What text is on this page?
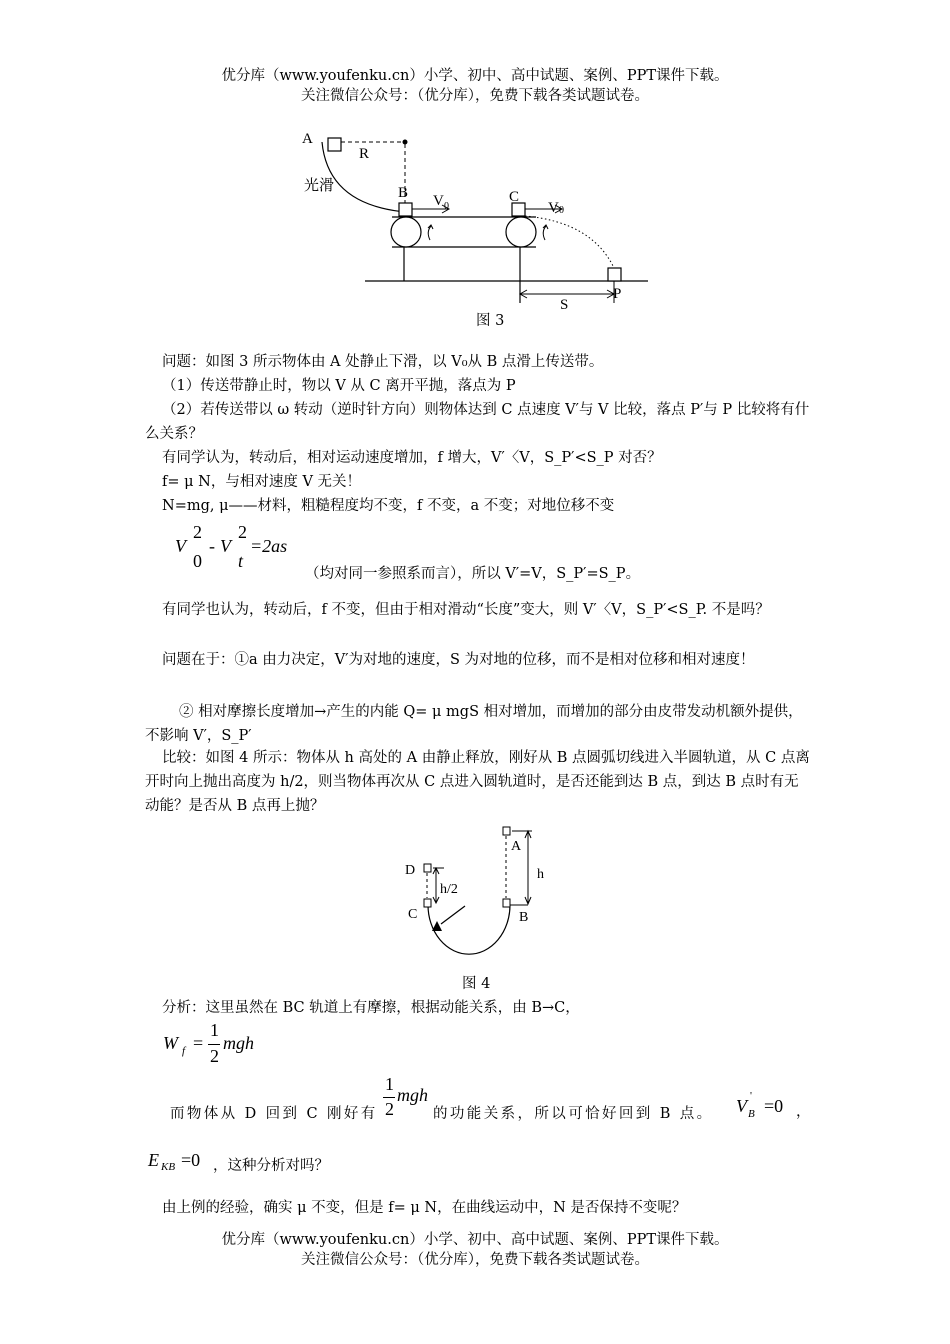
优分库（www.youfenku.cn）小学、初中、高中试题、案例、PPT课件下载。
关注微信公众号：（优分库），免费下载各类试题试卷。
A
R
光滑	B	C
V 0	V 0
P
S
图 3
问题：如图 3 所示物体由 A 处静止下滑，以 V₀从 B 点滑上传送带。
（1）传送带静止时，物以 V 从 C 离开平抛，落点为 P
（2）若传送带以 ω 转动（逆时针方向）则物体达到 C 点速度 V′与 V 比较，落点 P′与 P 比较将有什么关系？
有同学认为，转动后，相对运动速度增加，f 增大，V′〈V，S_P′<S_P 对否？
f= μ N，与相对速度 V 无关！
N=mg, μ——材料，粗糙程度均不变，f 不变，a 不变；对地位移不变
V
2
0
- V
2
t
=2as
（均对同一参照系而言），所以 V′=V，S_P′=S_P。
有同学也认为，转动后，f 不变，但由于相对滑动“长度”变大，则 V′〈V，S_P′<S_P. 不是吗？
问题在于：①a 由力决定，V′为对地的速度，S 为对地的位移，而不是相对位移和相对速度！
② 相对摩擦长度增加→产生的内能 Q= μ mgS 相对增加，而增加的部分由皮带发动机额外提供，不影响 V′，S_P′
比较：如图 4 所示：物体从 h 高处的 A 由静止释放，刚好从 B 点圆弧切线进入半圆轨道，从 C 点离开时向上抛出高度为 h/2，则当物体再次从 C 点进入圆轨道时，是否还能到达 B 点，到达 B 点时有无动能？是否从 B 点再上抛？
A
D
h/2
h
C	B
图 4
分析：这里虽然在 BC 轨道上有摩擦，根据动能关系，由 B→C，
W f =
1
2
mgh
而物体从 D 回到 C 刚好有
1
2
mgh
的功能关系，所以可恰好回到 B 点。 V '
B =0 ，
E KB =0 ，这种分析对吗？
由上例的经验，确实 μ 不变，但是 f= μ N，在曲线运动中，N 是否保持不变呢？
优分库（www.youfenku.cn）小学、初中、高中试题、案例、PPT课件下载。
关注微信公众号：（优分库），免费下载各类试题试卷。
